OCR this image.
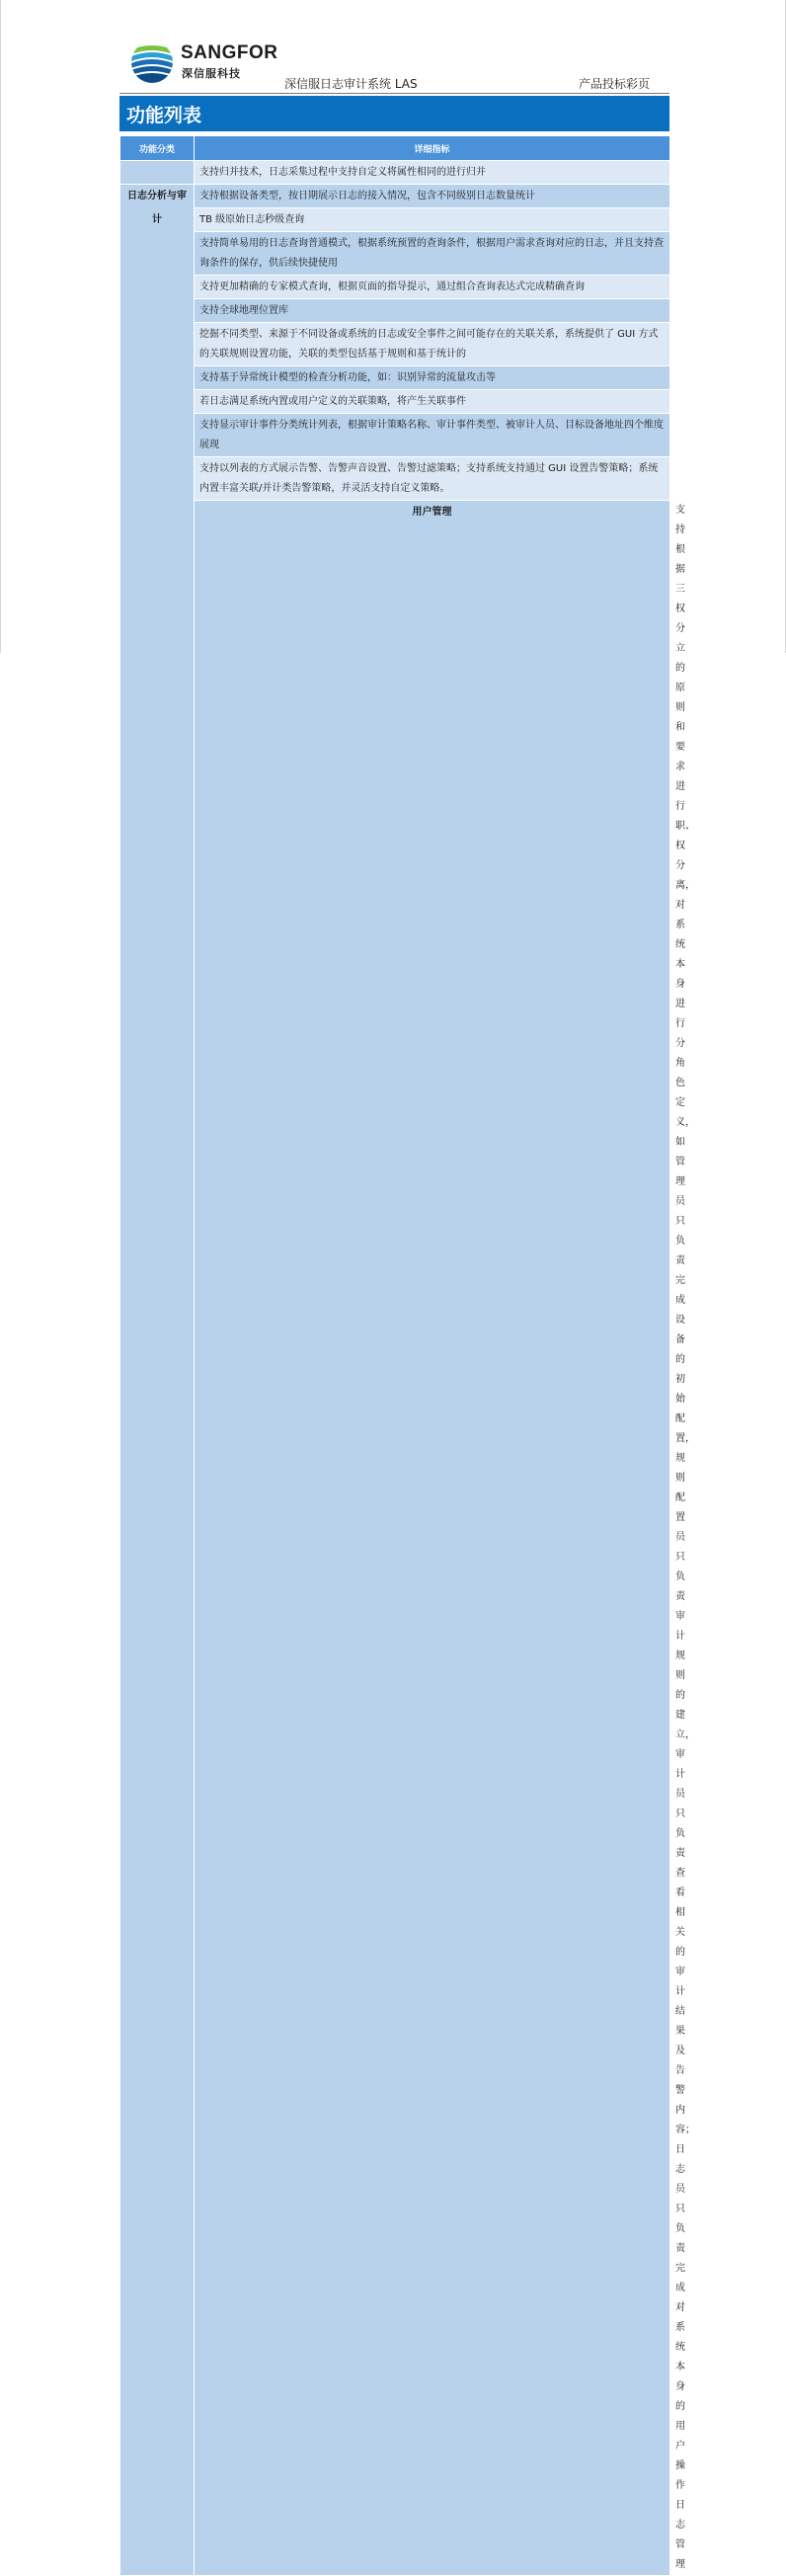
SANGFOR
深信服科技
深信服日志审计系统 LAS	产品投标彩页
功能列表
功能分类	详细指标	
	支持归并技术，日志采集过程中支持自定义将属性相同的进行归并	
日志分析与审计	支持根据设备类型，按日期展示日志的接入情况，包含不同级别日志数量统计	
	TB 级原始日志秒级查询	
	支持简单易用的日志查询普通模式，根据系统预置的查询条件，根据用户需求查询对应的日志，并且支持查询条件的保存，供后续快捷使用	
	支持更加精确的专家模式查询，根据页面的指导提示，通过组合查询表达式完成精确查询	
	支持全球地理位置库	
	挖掘不同类型、来源于不同设备或系统的日志或安全事件之间可能存在的关联关系，系统提供了 GUI 方式的关联规则设置功能，关联的类型包括基于规则和基于统计的	
	支持基于异常统计模型的检查分析功能，如：识别异常的流量攻击等	
	若日志满足系统内置或用户定义的关联策略，将产生关联事件	
	支持显示审计事件分类统计列表，根据审计策略名称、审计事件类型、被审计人员、目标设备地址四个维度展现	
	支持以列表的方式展示告警、告警声音设置、告警过滤策略；支持系统支持通过 GUI 设置告警策略；系统内置丰富关联/并计类告警策略，并灵活支持自定义策略。	
	用户管理	支持根据三权分立的原则和要求进行职、权分离，对系统本身进行分角色定义，如管理员只负责完成设备的初始配置，规则配置员只负责审计规则的建立，审计员只负责查看相关的审计结果及告警内容；日志员只负责完成对系统本身的用户操作日志管理
